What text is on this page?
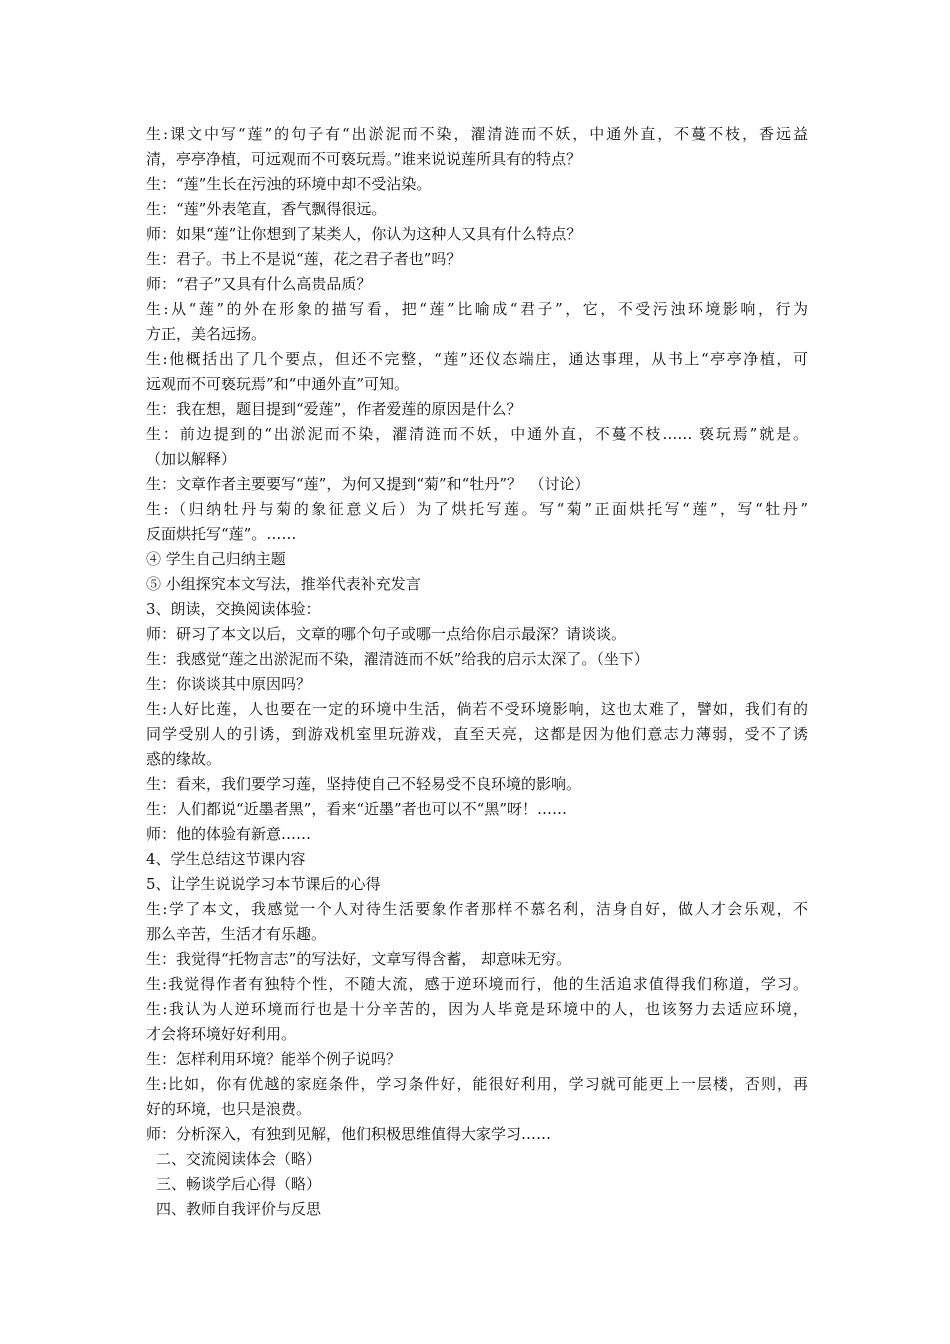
生:课文中写“莲”的句子有“出淤泥而不染，濯清涟而不妖，中通外直，不蔓不枝，香远益
清，亭亭净植，可远观而不可亵玩焉。”谁来说说莲所具有的特点？
生：“莲”生长在污浊的环境中却不受沾染。
生：“莲”外表笔直，香气飘得很远。
师：如果“莲”让你想到了某类人，你认为这种人又具有什么特点？
生：君子。书上不是说“莲，花之君子者也”吗？
师：“君子”又具有什么高贵品质？
生:从“莲”的外在形象的描写看，把“莲”比喻成“君子”，它，不受污浊环境影响，行为
方正，美名远扬。
生:他概括出了几个要点，但还不完整，“莲”还仪态端庄，通达事理，从书上“亭亭净植，可
远观而不可亵玩焉”和“中通外直”可知。
生：我在想，题目提到“爱莲”，作者爱莲的原因是什么？
生：前边提到的“出淤泥而不染，濯清涟而不妖，中通外直，不蔓不枝…… 亵玩焉”就是。
（加以解释）
生：文章作者主要要写“莲”，为何又提到“菊”和“牡丹”？　（讨论）
生:（归纳牡丹与菊的象征意义后）为了烘托写莲。写“菊”正面烘托写“莲”，写“牡丹”
反面烘托写“莲”。……
④ 学生自己归纳主题
⑤ 小组探究本文写法，推举代表补充发言
3、朗读，交换阅读体验：
师：研习了本文以后，文章的哪个句子或哪一点给你启示最深？请谈谈。
生：我感觉“莲之出淤泥而不染，濯清涟而不妖”给我的启示太深了。（坐下）
生：你谈谈其中原因吗？
生:人好比莲，人也要在一定的环境中生活，倘若不受环境影响，这也太难了，譬如，我们有的
同学受别人的引诱，到游戏机室里玩游戏，直至天亮，这都是因为他们意志力薄弱，受不了诱
惑的缘故。
生：看来，我们要学习莲，坚持使自己不轻易受不良环境的影响。
生：人们都说“近墨者黑”，看来“近墨”者也可以不“黑”呀！……
师：他的体验有新意……
4、学生总结这节课内容
5、让学生说说学习本节课后的心得
生:学了本文，我感觉一个人对待生活要象作者那样不慕名利，洁身自好，做人才会乐观，不
那么辛苦，生活才有乐趣。
生：我觉得“托物言志”的写法好，文章写得含蓄， 却意味无穷。
生:我觉得作者有独特个性，不随大流，感于逆环境而行，他的生活追求值得我们称道，学习。
生:我认为人逆环境而行也是十分辛苦的，因为人毕竟是环境中的人，也该努力去适应环境，
才会将环境好好利用。
生：怎样利用环境？能举个例子说吗？
生:比如，你有优越的家庭条件，学习条件好，能很好利用，学习就可能更上一层楼，否则，再
好的环境，也只是浪费。
师：分析深入，有独到见解，他们积极思维值得大家学习……
二、交流阅读体会（略）
三、畅谈学后心得（略）
四、教师自我评价与反思
